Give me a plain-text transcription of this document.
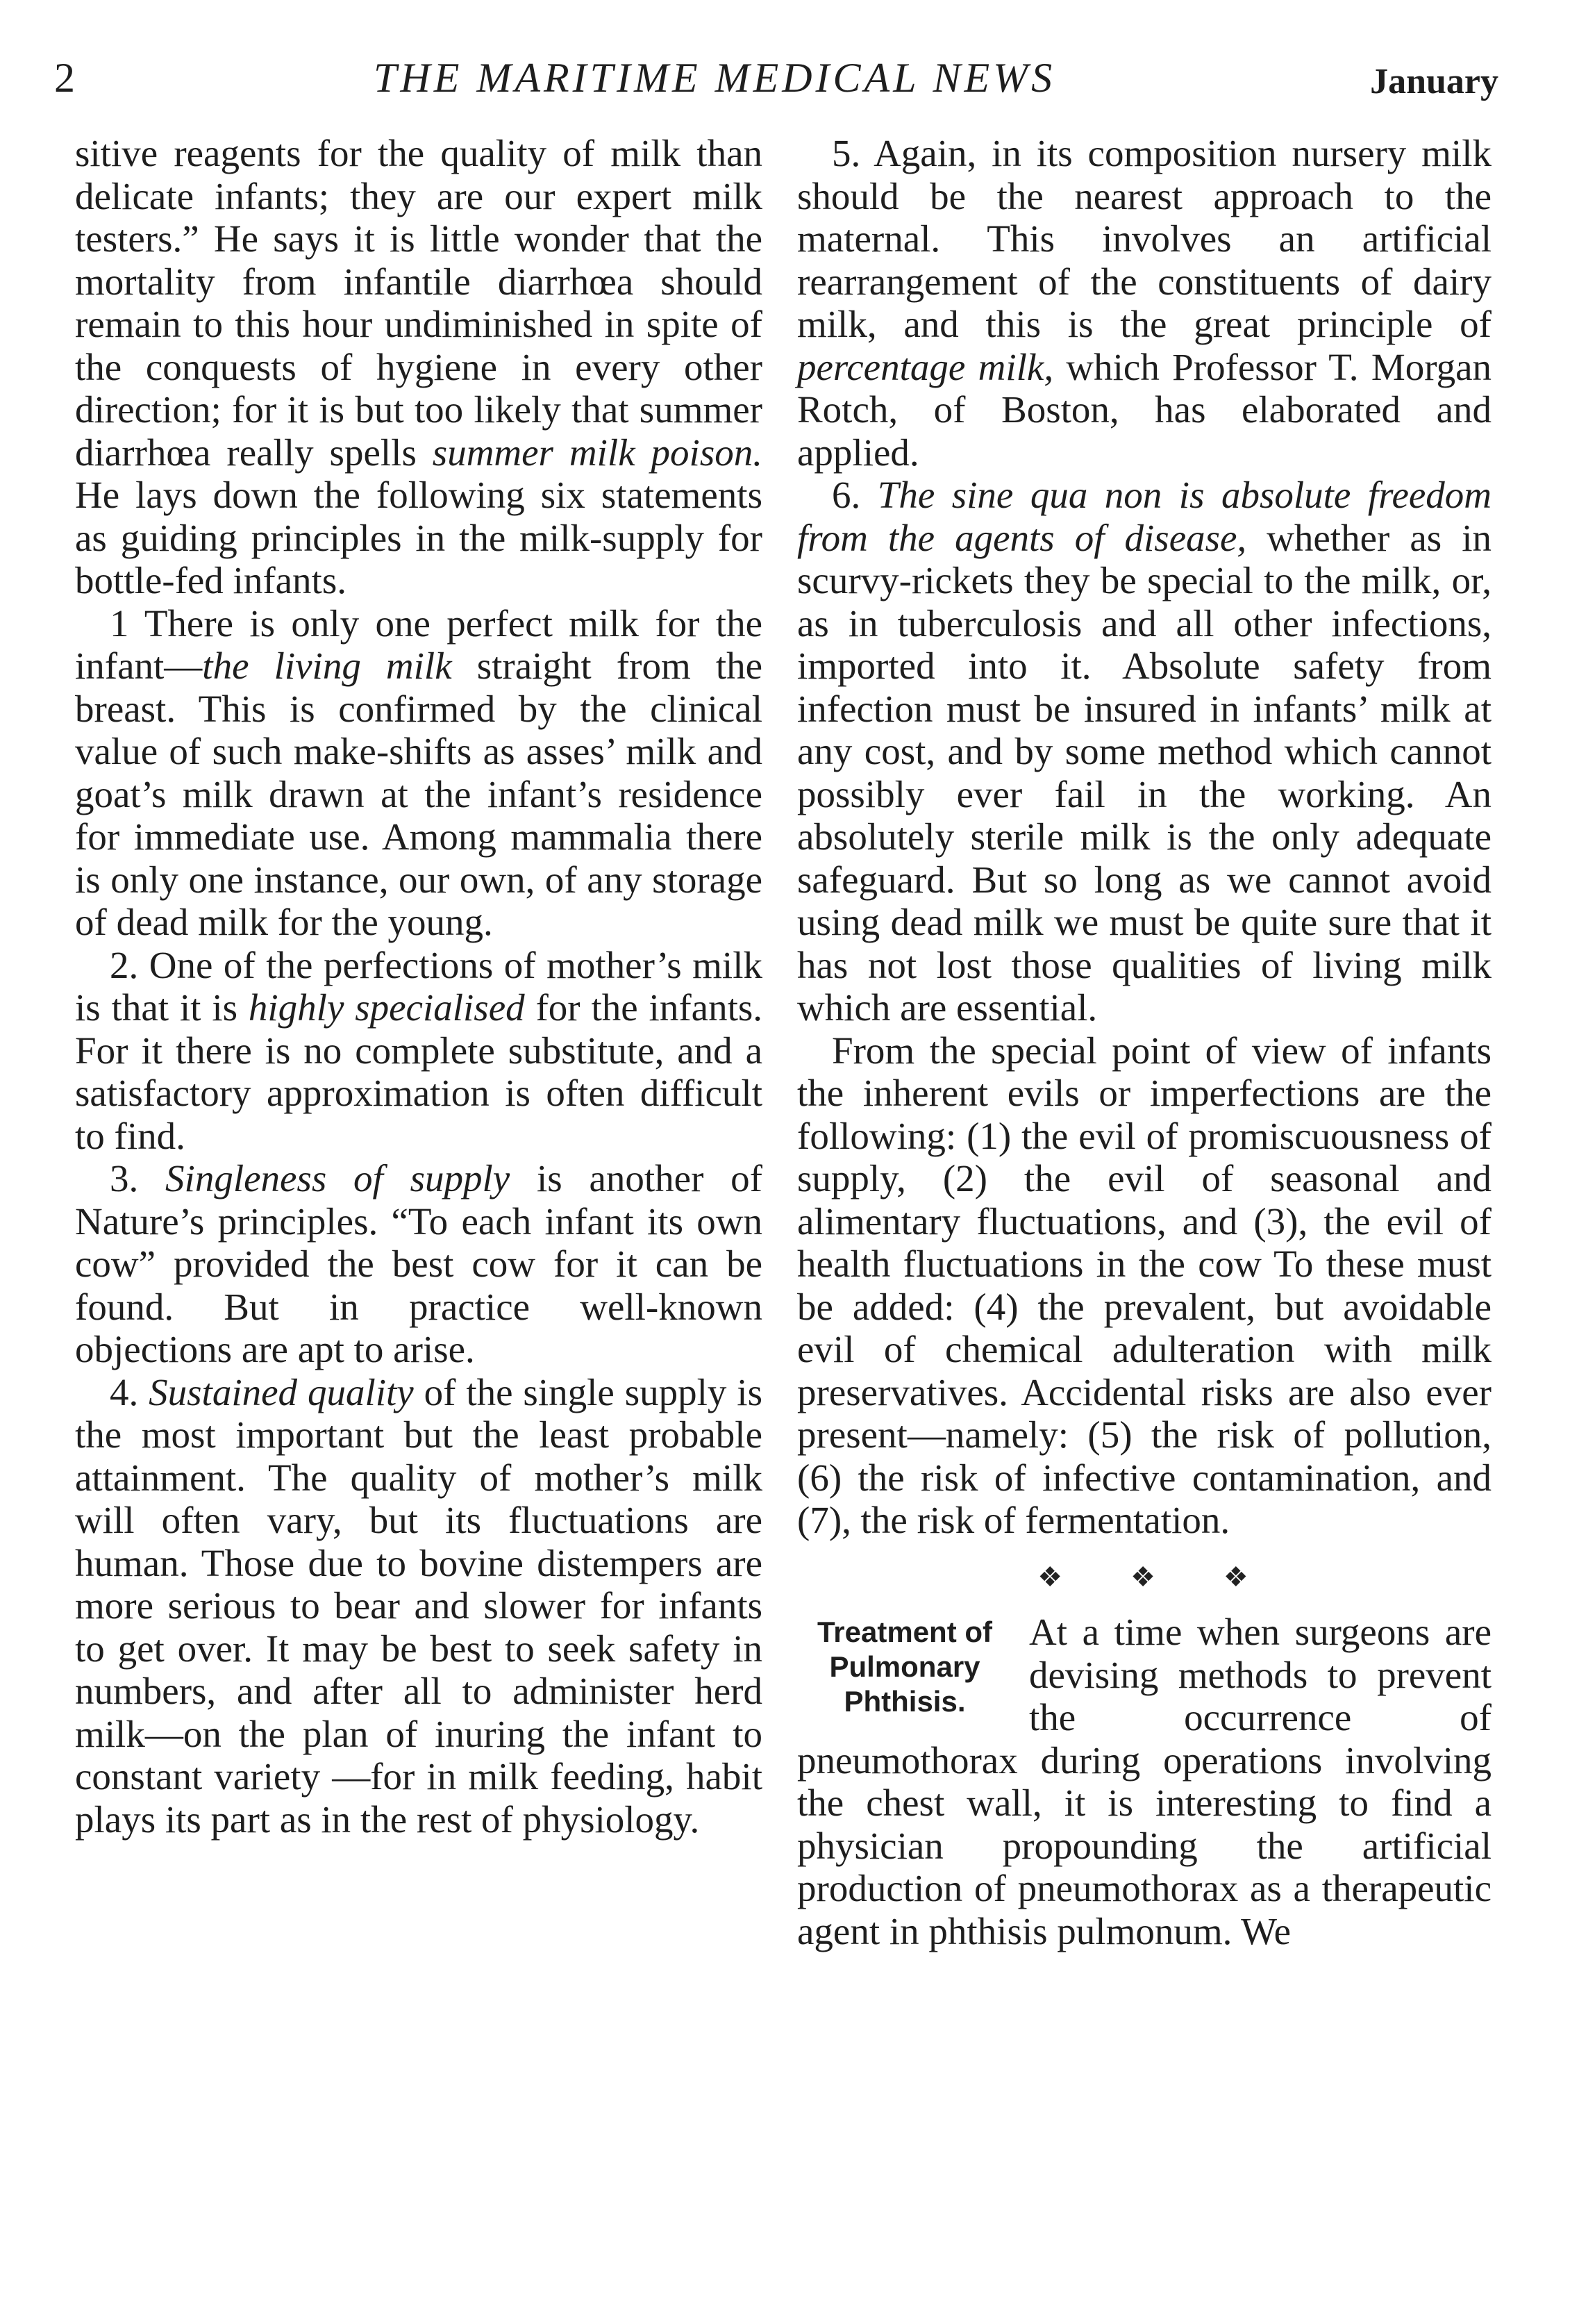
2	THE MARITIME MEDICAL NEWS	January

sitive reagents for the quality of milk than delicate infants; they are our expert milk testers.” He says it is little wonder that the mortality from infantile diarrhœa should remain to this hour undiminished in spite of the conquests of hygiene in every other direction; for it is but too likely that summer diarrhœa really spells summer milk poison. He lays down the following six statements as guiding principles in the milk-supply for bottle-fed infants.

1 There is only one perfect milk for the infant—the living milk straight from the breast. This is confirmed by the clinical value of such make-shifts as asses’ milk and goat’s milk drawn at the infant’s residence for immediate use. Among mammalia there is only one instance, our own, of any storage of dead milk for the young.

2. One of the perfections of mother’s milk is that it is highly specialised for the infants. For it there is no complete substitute, and a satisfactory approximation is often difficult to find.

3. Singleness of supply is another of Nature’s principles. “To each infant its own cow” provided the best cow for it can be found. But in practice well-known objections are apt to arise.

4. Sustained quality of the single supply is the most important but the least probable attainment. The quality of mother’s milk will often vary, but its fluctuations are human. Those due to bovine distempers are more serious to bear and slower for infants to get over. It may be best to seek safety in numbers, and after all to administer herd milk—on the plan of inuring the infant to constant variety —for in milk feeding, habit plays its part as in the rest of physiology.

5. Again, in its composition nursery milk should be the nearest approach to the maternal. This involves an artificial rearrangement of the constituents of dairy milk, and this is the great principle of percentage milk, which Professor T. Morgan Rotch, of Boston, has elaborated and applied.

6. The sine qua non is absolute freedom from the agents of disease, whether as in scurvy-rickets they be special to the milk, or, as in tuberculosis and all other infections, imported into it. Absolute safety from infection must be insured in infants’ milk at any cost, and by some method which cannot possibly ever fail in the working. An absolutely sterile milk is the only adequate safeguard. But so long as we cannot avoid using dead milk we must be quite sure that it has not lost those qualities of living milk which are essential.

From the special point of view of infants the inherent evils or imperfections are the following: (1) the evil of promiscuousness of supply, (2) the evil of seasonal and alimentary fluctuations, and (3), the evil of health fluctuations in the cow To these must be added: (4) the prevalent, but avoidable evil of chemical adulteration with milk preservatives. Accidental risks are also ever present—namely: (5) the risk of pollution, (6) the risk of infective contamination, and (7), the risk of fermentation.

❖ ❖ ❖
Treatment of
Pulmonary
Phthisis.

At a time when surgeons are devising methods to prevent the occurrence of pneumothorax during operations involving the chest wall, it is interesting to find a physician propounding the artificial production of pneumothorax as a therapeutic agent in phthisis pulmonum. We
